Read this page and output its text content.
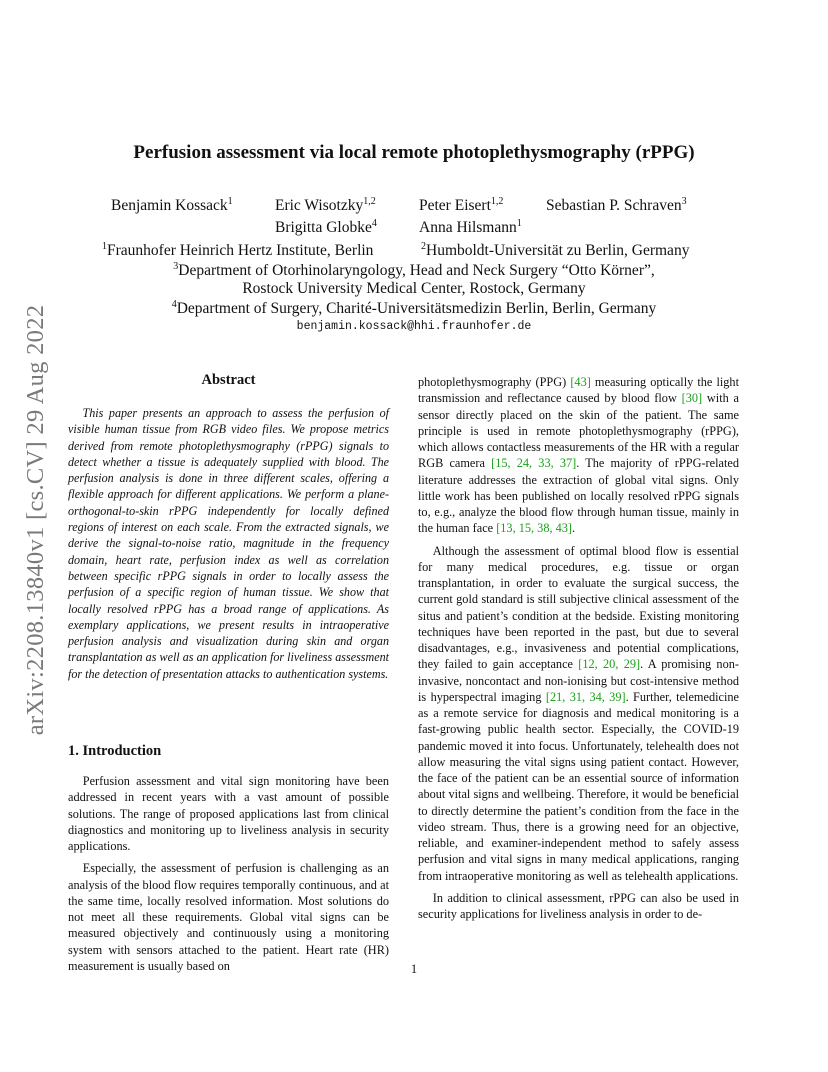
arXiv:2208.13840v1 [cs.CV] 29 Aug 2022
Perfusion assessment via local remote photoplethysmography (rPPG)
Benjamin Kossack$^1$	Eric Wisotzky$^{1,2}$	Peter Eisert$^{1,2}$	Sebastian P. Schraven$^3$
Brigitta Globke$^4$	Anna Hilsmann$^1$
$^1$Fraunhofer Heinrich Hertz Institute, Berlin	$^2$Humboldt-Universität zu Berlin, Germany
$^3$Department of Otorhinolaryngology, Head and Neck Surgery “Otto Körner”,
Rostock University Medical Center, Rostock, Germany
$^4$Department of Surgery, Charité-Universitätsmedizin Berlin, Berlin, Germany
benjamin.kossack@hhi.fraunhofer.de
Abstract
This paper presents an approach to assess the perfusion of visible human tissue from RGB video files. We propose metrics derived from remote photoplethysmography (rPPG) signals to detect whether a tissue is adequately supplied with blood. The perfusion analysis is done in three different scales, offering a flexible approach for different applications. We perform a plane-orthogonal-to-skin rPPG independently for locally defined regions of interest on each scale. From the extracted signals, we derive the signal-to-noise ratio, magnitude in the frequency domain, heart rate, perfusion index as well as correlation between specific rPPG signals in order to locally assess the perfusion of a specific region of human tissue. We show that locally resolved rPPG has a broad range of applications. As exemplary applications, we present results in intraoperative perfusion analysis and visualization during skin and organ transplantation as well as an application for liveliness assessment for the detection of presentation attacks to authentication systems.
1. Introduction

Perfusion assessment and vital sign monitoring have been addressed in recent years with a vast amount of possible solutions. The range of proposed applications last from clinical diagnostics and monitoring up to liveliness analysis in security applications.

Especially, the assessment of perfusion is challenging as an analysis of the blood flow requires temporally continuous, and at the same time, locally resolved information. Most solutions do not meet all these requirements. Global vital signs can be measured objectively and continuously using a monitoring system with sensors attached to the patient. Heart rate (HR) measurement is usually based on

photoplethysmography (PPG) [43] measuring optically the light transmission and reflectance caused by blood flow [30] with a sensor directly placed on the skin of the patient. The same principle is used in remote photoplethysmography (rPPG), which allows contactless measurements of the HR with a regular RGB camera [15, 24, 33, 37]. The majority of rPPG-related literature addresses the extraction of global vital signs. Only little work has been published on locally resolved rPPG signals to, e.g., analyze the blood flow through human tissue, mainly in the human face [13, 15, 38, 43].

Although the assessment of optimal blood flow is essential for many medical procedures, e.g. tissue or organ transplantation, in order to evaluate the surgical success, the current gold standard is still subjective clinical assessment of the situs and patient’s condition at the bedside. Existing monitoring techniques have been reported in the past, but due to several disadvantages, e.g., invasiveness and potential complications, they failed to gain acceptance [12, 20, 29]. A promising non-invasive, noncontact and non-ionising but cost-intensive method is hyperspectral imaging [21, 31, 34, 39]. Further, telemedicine as a remote service for diagnosis and medical monitoring is a fast-growing public health sector. Especially, the COVID-19 pandemic moved it into focus. Unfortunately, telehealth does not allow measuring the vital signs using patient contact. However, the face of the patient can be an essential source of information about vital signs and wellbeing. Therefore, it would be beneficial to directly determine the patient’s condition from the face in the video stream. Thus, there is a growing need for an objective, reliable, and examiner-independent method to safely assess perfusion and vital signs in many medical applications, ranging from intraoperative monitoring as well as telehealth applications.

In addition to clinical assessment, rPPG can also be used in security applications for liveliness analysis in order to de-

1
